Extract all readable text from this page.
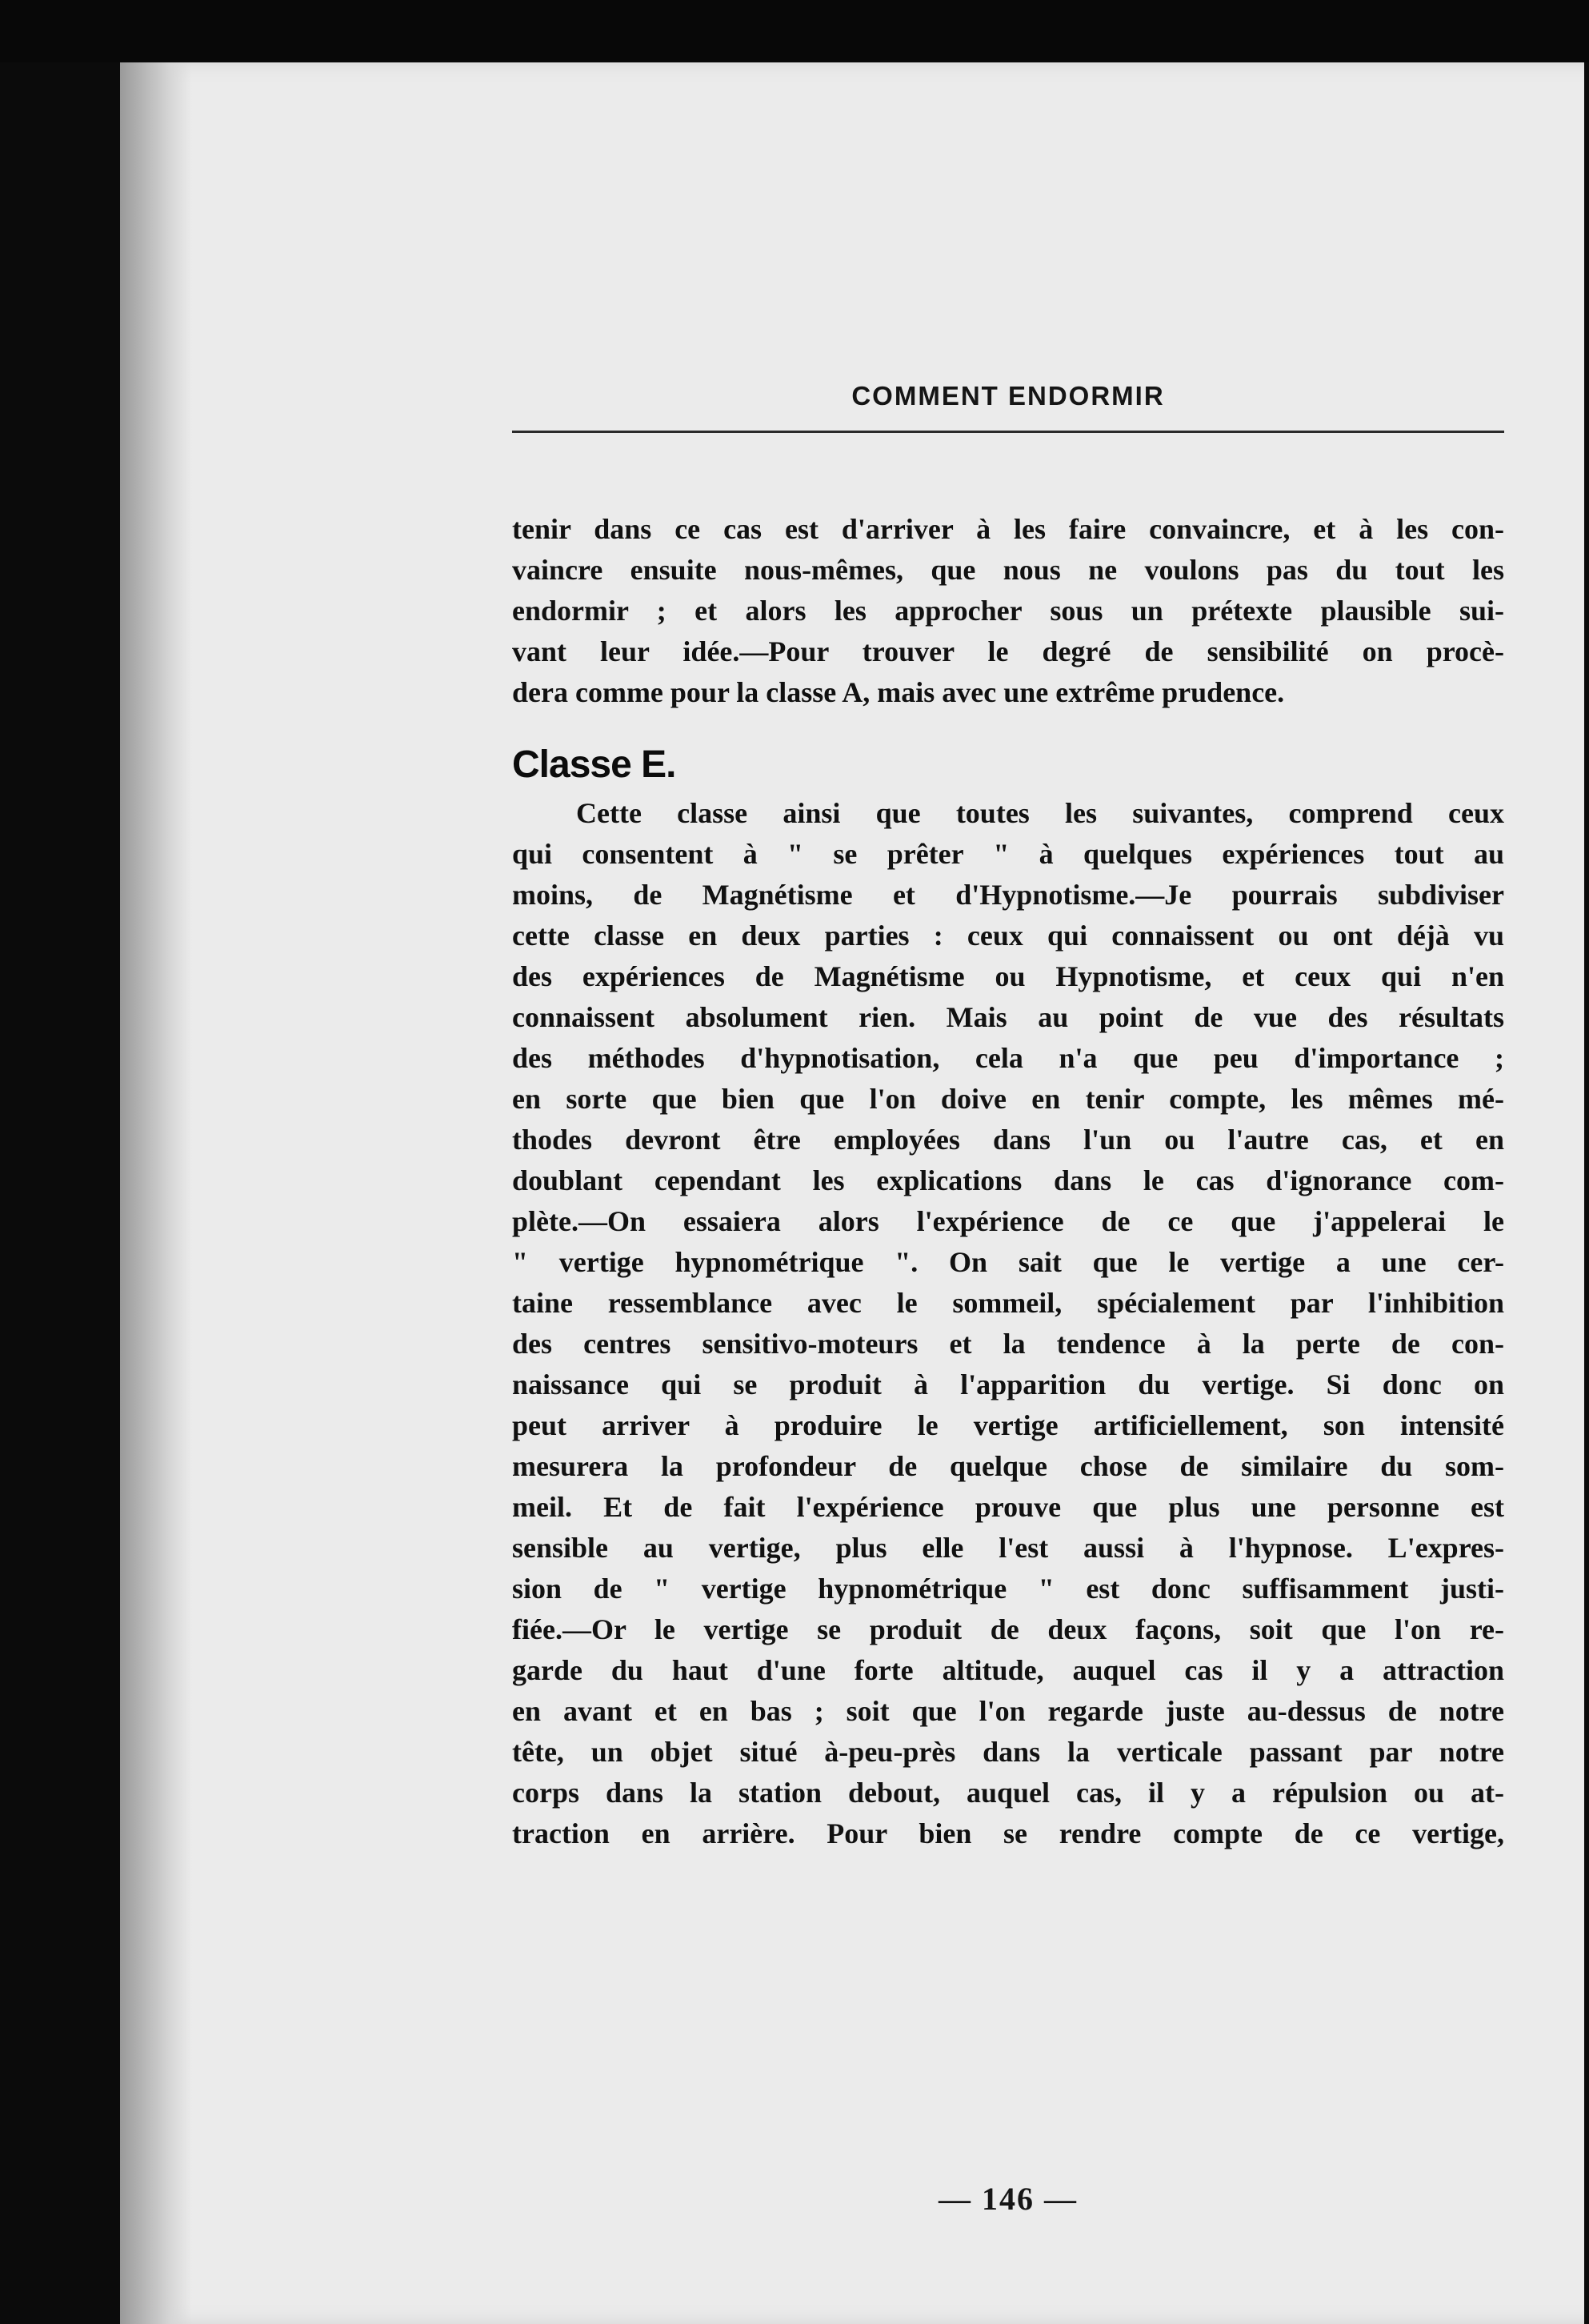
COMMENT ENDORMIR
tenir dans ce cas est d'arriver à les faire convaincre, et à les con-
vaincre ensuite nous-mêmes, que nous ne voulons pas du tout les
endormir ; et alors les approcher sous un prétexte plausible sui-
vant leur idée.—Pour trouver le degré de sensibilité on procè-
dera comme pour la classe A, mais avec une extrême prudence.
Classe E.
Cette classe ainsi que toutes les suivantes, comprend ceux
qui consentent à " se prêter " à quelques expériences tout au
moins, de Magnétisme et d'Hypnotisme.—Je pourrais subdiviser
cette classe en deux parties : ceux qui connaissent ou ont déjà vu
des expériences de Magnétisme ou Hypnotisme, et ceux qui n'en
connaissent absolument rien. Mais au point de vue des résultats
des méthodes d'hypnotisation, cela n'a que peu d'importance ;
en sorte que bien que l'on doive en tenir compte, les mêmes mé-
thodes devront être employées dans l'un ou l'autre cas, et en
doublant cependant les explications dans le cas d'ignorance com-
plète.—On essaiera alors l'expérience de ce que j'appelerai le
" vertige hypnométrique ". On sait que le vertige a une cer-
taine ressemblance avec le sommeil, spécialement par l'inhibition
des centres sensitivo-moteurs et la tendence à la perte de con-
naissance qui se produit à l'apparition du vertige. Si donc on
peut arriver à produire le vertige artificiellement, son intensité
mesurera la profondeur de quelque chose de similaire du som-
meil. Et de fait l'expérience prouve que plus une personne est
sensible au vertige, plus elle l'est aussi à l'hypnose. L'expres-
sion de " vertige hypnométrique " est donc suffisamment justi-
fiée.—Or le vertige se produit de deux façons, soit que l'on re-
garde du haut d'une forte altitude, auquel cas il y a attraction
en avant et en bas ; soit que l'on regarde juste au-dessus de notre
tête, un objet situé à-peu-près dans la verticale passant par notre
corps dans la station debout, auquel cas, il y a répulsion ou at-
traction en arrière. Pour bien se rendre compte de ce vertige,
— 146 —
